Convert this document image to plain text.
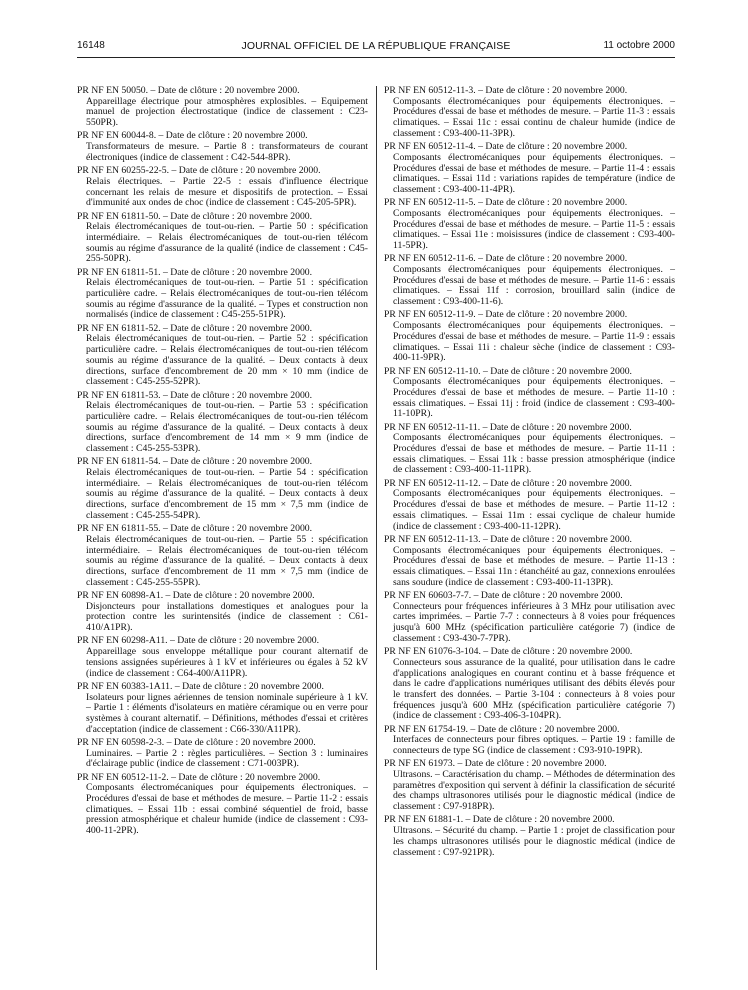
16148	JOURNAL OFFICIEL DE LA RÉPUBLIQUE FRANÇAISE	11 octobre 2000
PR NF EN 50050. – Date de clôture : 20 novembre 2000.
Appareillage électrique pour atmosphères explosibles. – Equipement manuel de projection électrostatique (indice de classement : C23-550PR).
PR NF EN 60044-8. – Date de clôture : 20 novembre 2000.
Transformateurs de mesure. – Partie 8 : transformateurs de courant électroniques (indice de classement : C42-544-8PR).
PR NF EN 60255-22-5. – Date de clôture : 20 novembre 2000.
Relais électriques. – Partie 22-5 : essais d'influence électrique concernant les relais de mesure et dispositifs de protection. – Essai d'immunité aux ondes de choc (indice de classement : C45-205-5PR).
PR NF EN 61811-50. – Date de clôture : 20 novembre 2000.
Relais électromécaniques de tout-ou-rien. – Partie 50 : spécification intermédiaire. – Relais électromécaniques de tout-ou-rien télécom soumis au régime d'assurance de la qualité (indice de classement : C45-255-50PR).
PR NF EN 61811-51. – Date de clôture : 20 novembre 2000.
Relais électromécaniques de tout-ou-rien. – Partie 51 : spécification particulière cadre. – Relais électromécaniques de tout-ou-rien télécom soumis au régime d'assurance de la qualité. – Types et construction non normalisés (indice de classement : C45-255-51PR).
PR NF EN 61811-52. – Date de clôture : 20 novembre 2000.
Relais électromécaniques de tout-ou-rien. – Partie 52 : spécification particulière cadre. – Relais électromécaniques de tout-ou-rien télécom soumis au régime d'assurance de la qualité. – Deux contacts à deux directions, surface d'encombrement de 20 mm × 10 mm (indice de classement : C45-255-52PR).
PR NF EN 61811-53. – Date de clôture : 20 novembre 2000.
Relais électromécaniques de tout-ou-rien. – Partie 53 : spécification particulière cadre. – Relais électromécaniques de tout-ou-rien télécom soumis au régime d'assurance de la qualité. – Deux contacts à deux directions, surface d'encombrement de 14 mm × 9 mm (indice de classement : C45-255-53PR).
PR NF EN 61811-54. – Date de clôture : 20 novembre 2000.
Relais électromécaniques de tout-ou-rien. – Partie 54 : spécification intermédiaire. – Relais électromécaniques de tout-ou-rien télécom soumis au régime d'assurance de la qualité. – Deux contacts à deux directions, surface d'encombrement de 15 mm × 7,5 mm (indice de classement : C45-255-54PR).
PR NF EN 61811-55. – Date de clôture : 20 novembre 2000.
Relais électromécaniques de tout-ou-rien. – Partie 55 : spécification intermédiaire. – Relais électromécaniques de tout-ou-rien télécom soumis au régime d'assurance de la qualité. – Deux contacts à deux directions, surface d'encombrement de 11 mm × 7,5 mm (indice de classement : C45-255-55PR).
PR NF EN 60898-A1. – Date de clôture : 20 novembre 2000.
Disjoncteurs pour installations domestiques et analogues pour la protection contre les surintensités (indice de classement : C61-410/A1PR).
PR NF EN 60298-A11. – Date de clôture : 20 novembre 2000.
Appareillage sous enveloppe métallique pour courant alternatif de tensions assignées supérieures à 1 kV et inférieures ou égales à 52 kV (indice de classement : C64-400/A11PR).
PR NF EN 60383-1A11. – Date de clôture : 20 novembre 2000.
Isolateurs pour lignes aériennes de tension nominale supérieure à 1 kV. – Partie 1 : éléments d'isolateurs en matière céramique ou en verre pour systèmes à courant alternatif. – Définitions, méthodes d'essai et critères d'acceptation (indice de classement : C66-330/A11PR).
PR NF EN 60598-2-3. – Date de clôture : 20 novembre 2000.
Luminaires. – Partie 2 : règles particulières. – Section 3 : luminaires d'éclairage public (indice de classement : C71-003PR).
PR NF EN 60512-11-2. – Date de clôture : 20 novembre 2000.
Composants électromécaniques pour équipements électroniques. – Procédures d'essai de base et méthodes de mesure. – Partie 11-2 : essais climatiques. – Essai 11b : essai combiné séquentiel de froid, basse pression atmosphérique et chaleur humide (indice de classement : C93-400-11-2PR).
PR NF EN 60512-11-3. – Date de clôture : 20 novembre 2000.
Composants électromécaniques pour équipements électroniques. – Procédures d'essai de base et méthodes de mesure. – Partie 11-3 : essais climatiques. – Essai 11c : essai continu de chaleur humide (indice de classement : C93-400-11-3PR).
PR NF EN 60512-11-4. – Date de clôture : 20 novembre 2000.
Composants électromécaniques pour équipements électroniques. – Procédures d'essai de base et méthodes de mesure. – Partie 11-4 : essais climatiques. – Essai 11d : variations rapides de température (indice de classement : C93-400-11-4PR).
PR NF EN 60512-11-5. – Date de clôture : 20 novembre 2000.
Composants électromécaniques pour équipements électroniques. – Procédures d'essai de base et méthodes de mesure. – Partie 11-5 : essais climatiques. – Essai 11e : moisissures (indice de classement : C93-400-11-5PR).
PR NF EN 60512-11-6. – Date de clôture : 20 novembre 2000.
Composants électromécaniques pour équipements électroniques. – Procédures d'essai de base et méthodes de mesure. – Partie 11-6 : essais climatiques. – Essai 11f : corrosion, brouillard salin (indice de classement : C93-400-11-6).
PR NF EN 60512-11-9. – Date de clôture : 20 novembre 2000.
Composants électromécaniques pour équipements électroniques. – Procédures d'essai de base et méthodes de mesure. – Partie 11-9 : essais climatiques. – Essai 11i : chaleur sèche (indice de classement : C93-400-11-9PR).
PR NF EN 60512-11-10. – Date de clôture : 20 novembre 2000.
Composants électromécaniques pour équipements électroniques. – Procédures d'essai de base et méthodes de mesure. – Partie 11-10 : essais climatiques. – Essai 11j : froid (indice de classement : C93-400-11-10PR).
PR NF EN 60512-11-11. – Date de clôture : 20 novembre 2000.
Composants électromécaniques pour équipements électroniques. – Procédures d'essai de base et méthodes de mesure. – Partie 11-11 : essais climatiques. – Essai 11k : basse pression atmosphérique (indice de classement : C93-400-11-11PR).
PR NF EN 60512-11-12. – Date de clôture : 20 novembre 2000.
Composants électromécaniques pour équipements électroniques. – Procédures d'essai de base et méthodes de mesure. – Partie 11-12 : essais climatiques. – Essai 11m : essai cyclique de chaleur humide (indice de classement : C93-400-11-12PR).
PR NF EN 60512-11-13. – Date de clôture : 20 novembre 2000.
Composants électromécaniques pour équipements électroniques. – Procédures d'essai de base et méthodes de mesure. – Partie 11-13 : essais climatiques. – Essai 11n : étanchéité au gaz, connexions enroulées sans soudure (indice de classement : C93-400-11-13PR).
PR NF EN 60603-7-7. – Date de clôture : 20 novembre 2000.
Connecteurs pour fréquences inférieures à 3 MHz pour utilisation avec cartes imprimées. – Partie 7-7 : connecteurs à 8 voies pour fréquences jusqu'à 600 MHz (spécification particulière catégorie 7) (indice de classement : C93-430-7-7PR).
PR NF EN 61076-3-104. – Date de clôture : 20 novembre 2000.
Connecteurs sous assurance de la qualité, pour utilisation dans le cadre d'applications analogiques en courant continu et à basse fréquence et dans le cadre d'applications numériques utilisant des débits élevés pour le transfert des données. – Partie 3-104 : connecteurs à 8 voies pour fréquences jusqu'à 600 MHz (spécification particulière catégorie 7) (indice de classement : C93-406-3-104PR).
PR NF EN 61754-19. – Date de clôture : 20 novembre 2000.
Interfaces de connecteurs pour fibres optiques. – Partie 19 : famille de connecteurs de type SG (indice de classement : C93-910-19PR).
PR NF EN 61973. – Date de clôture : 20 novembre 2000.
Ultrasons. – Caractérisation du champ. – Méthodes de détermination des paramètres d'exposition qui servent à définir la classification de sécurité des champs ultrasonores utilisés pour le diagnostic médical (indice de classement : C97-918PR).
PR NF EN 61881-1. – Date de clôture : 20 novembre 2000.
Ultrasons. – Sécurité du champ. – Partie 1 : projet de classification pour les champs ultrasonores utilisés pour le diagnostic médical (indice de classement : C97-921PR).
